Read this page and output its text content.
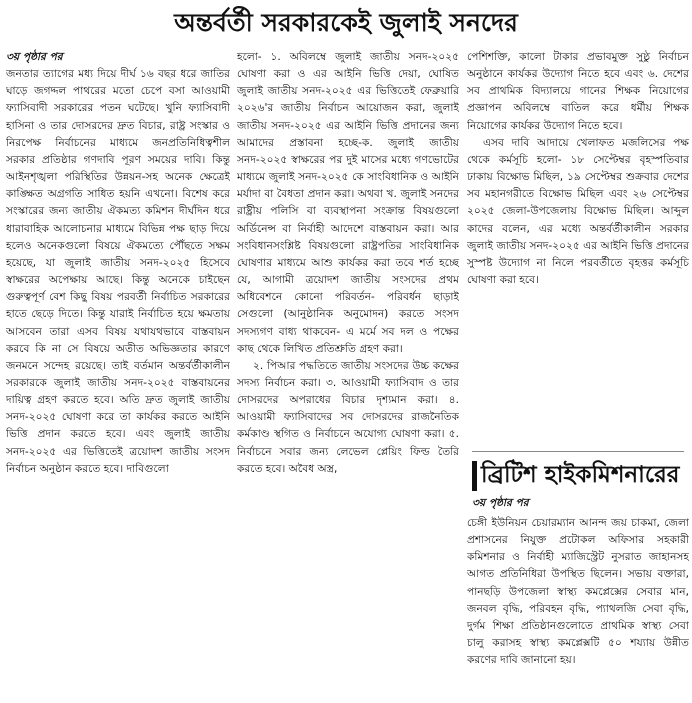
অন্তর্বর্তী সরকারকেই জুলাই সনদের
৩য় পৃষ্ঠার পর

জনতার ত্যাগের মধ্য দিয়ে দীর্ঘ ১৬ বছর ধরে জাতির ঘাড়ে জগদ্দল পাথরের মতো চেপে বসা আওয়ামী ফ্যাসিবাদী সরকারের পতন ঘটেছে। খুনি ফ্যাসিবাদী হাসিনা ও তার দোসরদের দ্রুত বিচার, রাষ্ট্র সংস্কার ও নিরপেক্ষ নির্বাচনের মাধ্যমে জনপ্রতিনিধিত্বশীল সরকার প্রতিষ্ঠার গণদাবি পূরণ সময়ের দাবি। কিন্তু আইনশৃঙ্খলা পরিস্থিতির উন্নয়ন-সহ অনেক ক্ষেত্রেই কাঙ্ক্ষিত অগ্রগতি সাধিত হয়নি এখনো। বিশেষ করে সংস্কারের জন্য জাতীয় ঐকমত্য কমিশন দীর্ঘদিন ধরে ধারাবাহিক আলোচনার মাধ্যমে বিভিন্ন পক্ষ ছাড় দিয়ে হলেও অনেকগুলো বিষয়ে ঐকমত্যে পৌঁছতে সক্ষম হয়েছে, যা জুলাই জাতীয় সনদ-২০২৫ হিসেবে স্বাক্ষরের অপেক্ষায় আছে। কিন্তু অনেকে চাইছেন গুরুত্বপূর্ণ বেশ কিছু বিষয় পরবর্তী নির্বাচিত সরকারের হাতে ছেড়ে দিতে। কিন্তু যারাই নির্বাচিত হয়ে ক্ষমতায় আসবেন তারা এসব বিষয় যথাযথভাবে বাস্তবায়ন করবে কি না সে বিষয়ে অতীত অভিজ্ঞতার কারণে জনমনে সন্দেহ রয়েছে। তাই বর্তমান অন্তর্বর্তীকালীন সরকারকে জুলাই জাতীয় সনদ-২০২৫ বাস্তবায়নের দায়িত্ব গ্রহণ করতে হবে। অতি দ্রুত জুলাই জাতীয় সনদ-২০২৫ ঘোষণা করে তা কার্যকর করতে আইনি ভিত্তি প্রদান করতে হবে। এবং জুলাই জাতীয় সনদ-২০২৫ এর ভিত্তিতেই ত্রয়োদশ জাতীয় সংসদ নির্বাচন অনুষ্ঠান করতে হবে। দাবিগুলো

হলো- ১. অবিলম্বে জুলাই জাতীয় সনদ-২০২৫ ঘোষণা করা ও এর আইনি ভিত্তি দেয়া, ঘোষিত জুলাই জাতীয় সনদ-২০২৫ এর ভিত্তিতেই ফেব্রুয়ারি ২০২৬'র জাতীয় নির্বাচন আয়োজন করা, জুলাই জাতীয় সনদ-২০২৫ এর আইনি ভিত্তি প্রদানের জন্য আমাদের প্রস্তাবনা হচ্ছে-ক. জুলাই জাতীয় সনদ-২০২৫ স্বাক্ষরের পর দুই মাসের মধ্যে গণভোটের মাধ্যমে জুলাই সনদ-২০২৫ কে সাংবিধানিক ও আইনি মর্যাদা বা বৈধতা প্রদান করা। অথবা খ. জুলাই সনদের রাষ্ট্রীয় পলিসি বা ব্যবস্থাপনা সংক্রান্ত বিষয়গুলো অর্ডিনেন্স বা নির্বাহী আদেশে বাস্তবায়ন করা। আর সংবিধানসংশ্লিষ্ট বিষয়গুলো রাষ্ট্রপতির সাংবিধানিক ঘোষণার মাধ্যমে আশু কার্যকর করা তবে শর্ত হচ্ছে যে, আগামী ত্রয়োদশ জাতীয় সংসদের প্রথম অধিবেশনে কোনো পরিবর্তন- পরিবর্ধন ছাড়াই সেগুলো (আনুষ্ঠানিক অনুমোদন) করতে সংসদ সদস্যগণ বাধ্য থাকবেন- এ মর্মে সব দল ও পক্ষের কাছ থেকে লিখিত প্রতিশ্রুতি গ্রহণ করা।

২. পিআর পদ্ধতিতে জাতীয় সংসদের উচ্চ কক্ষের সদস্য নির্বাচন করা। ৩. আওয়ামী ফ্যাসিবাদ ও তার দোসরদের অপরাধের বিচার দৃশ্যমান করা। ৪. আওয়ামী ফ্যাসিবাদের সব দোসরদের রাজনৈতিক কর্মকাণ্ড স্থগিত ও নির্বাচনে অযোগ্য ঘোষণা করা। ৫. নির্বাচনে সবার জন্য লেভেল প্লেয়িং ফিল্ড তৈরি করতে হবে। অবৈধ অস্ত্র,

পেশিশক্তি, কালো টাকার প্রভাবমুক্ত সুষ্ঠু নির্বাচন অনুষ্ঠানে কার্যকর উদ্যোগ নিতে হবে এবং ৬. দেশের সব প্রাথমিক বিদ্যালয়ে গানের শিক্ষক নিয়োগের প্রজ্ঞাপন অবিলম্বে বাতিল করে ধর্মীয় শিক্ষক নিয়োগের কার্যকর উদ্যোগ নিতে হবে।

এসব দাবি আদায়ে খেলাফত মজলিসের পক্ষ থেকে কর্মসূচি হলো- ১৮ সেপ্টেম্বর বৃহস্পতিবার ঢাকায় বিক্ষোভ মিছিল, ১৯ সেপ্টেম্বর শুক্রবার দেশের সব মহানগরীতে বিক্ষোভ মিছিল এবং ২৬ সেপ্টেম্বর ২০২৫ জেলা-উপজেলায় বিক্ষোভ মিছিল। আব্দুল কাদের বলেন, এর মধ্যে অন্তর্বর্তীকালীন সরকার জুলাই জাতীয় সনদ-২০২৫ এর আইনি ভিত্তি প্রদানের সুস্পষ্ট উদ্যোগ না নিলে পরবর্তীতে বৃহত্তর কর্মসূচি ঘোষণা করা হবে।

ব্রিটিশ হাইকমিশনারের
৩য় পৃষ্ঠার পর

চেঙ্গী ইউনিয়ন চেয়ারম্যান আনন্দ জয় চাকমা, জেলা প্রশাসনের নিযুক্ত প্রটোকল অফিসার সহকারী কমিশনার ও নির্বাহী ম্যাজিস্ট্রেট নুসরাত জাহানসহ আগত প্রতিনিধিরা উপস্থিত ছিলেন। সভায় বক্তারা, পানছড়ি উপজেলা স্বাস্থ্য কমপ্লেক্সের সেবার মান, জনবল বৃদ্ধি, পরিবহন বৃদ্ধি, প্যাথলজি সেবা বৃদ্ধি, দুর্গম শিক্ষা প্রতিষ্ঠানগুলোতে প্রাথমিক স্বাস্থ্য সেবা চালু করাসহ স্বাস্থ্য কমপ্লেক্সটি ৫০ শয্যায় উন্নীত করণের দাবি জানানো হয়।
